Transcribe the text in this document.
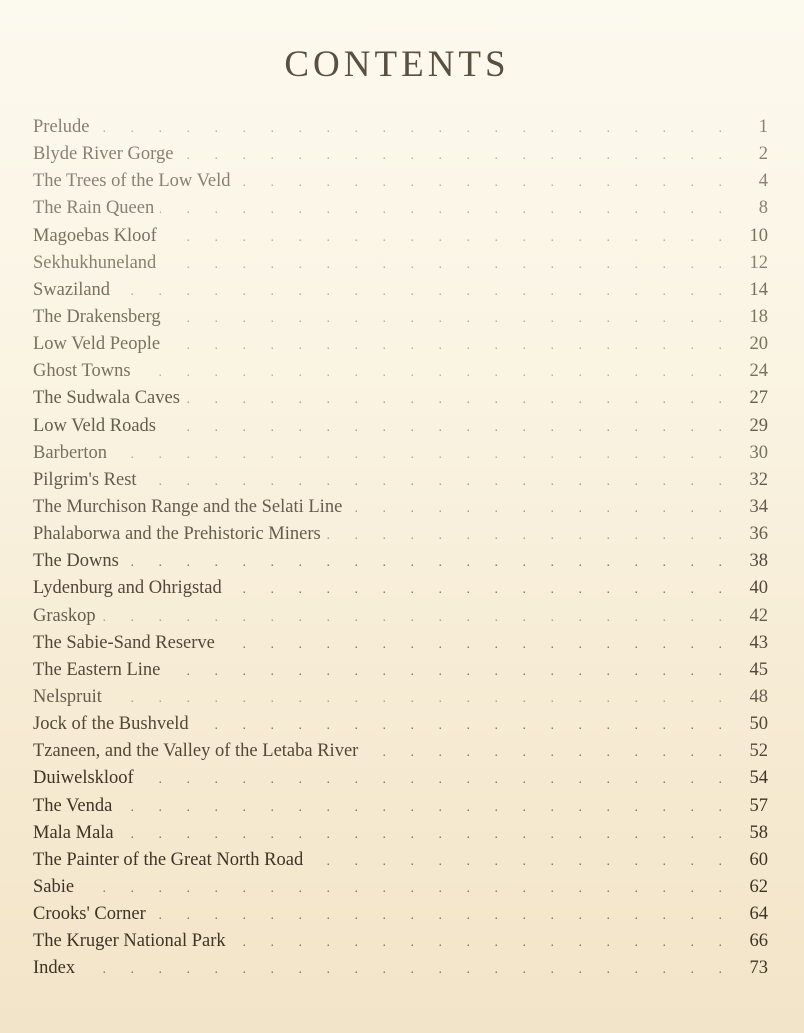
CONTENTS
Prelude .	1
Blyde River Gorge .	2
The Trees of the Low Veld .	4
The Rain Queen .	8
Magoebas Kloof .	10
Sekhukhuneland .	12
Swaziland .	14
The Drakensberg .	18
Low Veld People .	20
Ghost Towns .	24
The Sudwala Caves .	27
Low Veld Roads .	29
Barberton .	30
Pilgrim's Rest .	32
The Murchison Range and the Selati Line .	34
Phalaborwa and the Prehistoric Miners .	36
The Downs .	38
Lydenburg and Ohrigstad .	40
Graskop .	42
The Sabie-Sand Reserve .	43
The Eastern Line .	45
Nelspruit .	48
Jock of the Bushveld .	50
Tzaneen, and the Valley of the Letaba River .	52
Duiwelskloof .	54
The Venda .	57
Mala Mala .	58
The Painter of the Great North Road .	60
Sabie .	62
Crooks' Corner .	64
The Kruger National Park .	66
Index .	73
